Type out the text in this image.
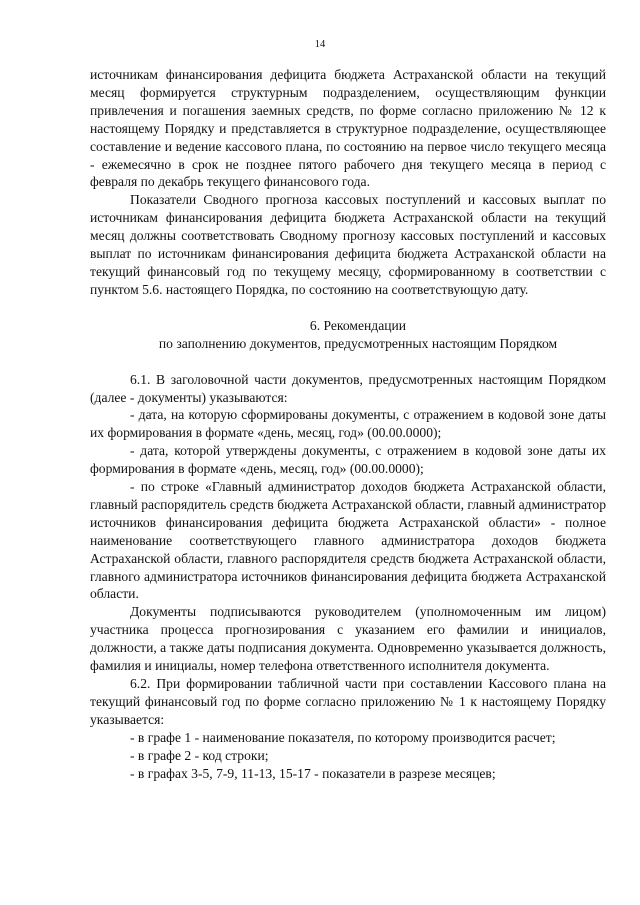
14

источникам финансирования дефицита бюджета Астраханской области на текущий месяц формируется структурным подразделением, осуществляющим функции привлечения и погашения заемных средств, по форме согласно приложению № 12 к настоящему Порядку и представляется в структурное подразделение, осуществляющее составление и ведение кассового плана, по состоянию на первое число текущего месяца - ежемесячно в срок не позднее пятого рабочего дня текущего месяца в период с февраля по декабрь текущего финансового года.

Показатели Сводного прогноза кассовых поступлений и кассовых выплат по источникам финансирования дефицита бюджета Астраханской области на текущий месяц должны соответствовать Сводному прогнозу кассовых поступлений и кассовых выплат по источникам финансирования дефицита бюджета Астраханской области на текущий финансовый год по текущему месяцу, сформированному в соответствии с пунктом 5.6. настоящего Порядка, по состоянию на соответствующую дату.

6. Рекомендации

по заполнению документов, предусмотренных настоящим Порядком

6.1. В заголовочной части документов, предусмотренных настоящим Порядком (далее - документы) указываются:

- дата, на которую сформированы документы, с отражением в кодовой зоне даты их формирования в формате «день, месяц, год» (00.00.0000);

- дата, которой утверждены документы, с отражением в кодовой зоне даты их формирования в формате «день, месяц, год» (00.00.0000);

- по строке «Главный администратор доходов бюджета Астраханской области, главный распорядитель средств бюджета Астраханской области, главный администратор источников финансирования дефицита бюджета Астраханской области» - полное наименование соответствующего главного администратора доходов бюджета Астраханской области, главного распорядителя средств бюджета Астраханской области, главного администратора источников финансирования дефицита бюджета Астраханской области.

Документы подписываются руководителем (уполномоченным им лицом) участника процесса прогнозирования с указанием его фамилии и инициалов, должности, а также даты подписания документа. Одновременно указывается должность, фамилия и инициалы, номер телефона ответственного исполнителя документа.

6.2. При формировании табличной части при составлении Кассового плана на текущий финансовый год по форме согласно приложению № 1 к настоящему Порядку указывается:

- в графе 1 - наименование показателя, по которому производится расчет;

- в графе 2 - код строки;

- в графах 3-5, 7-9, 11-13, 15-17 - показатели в разрезе месяцев;
